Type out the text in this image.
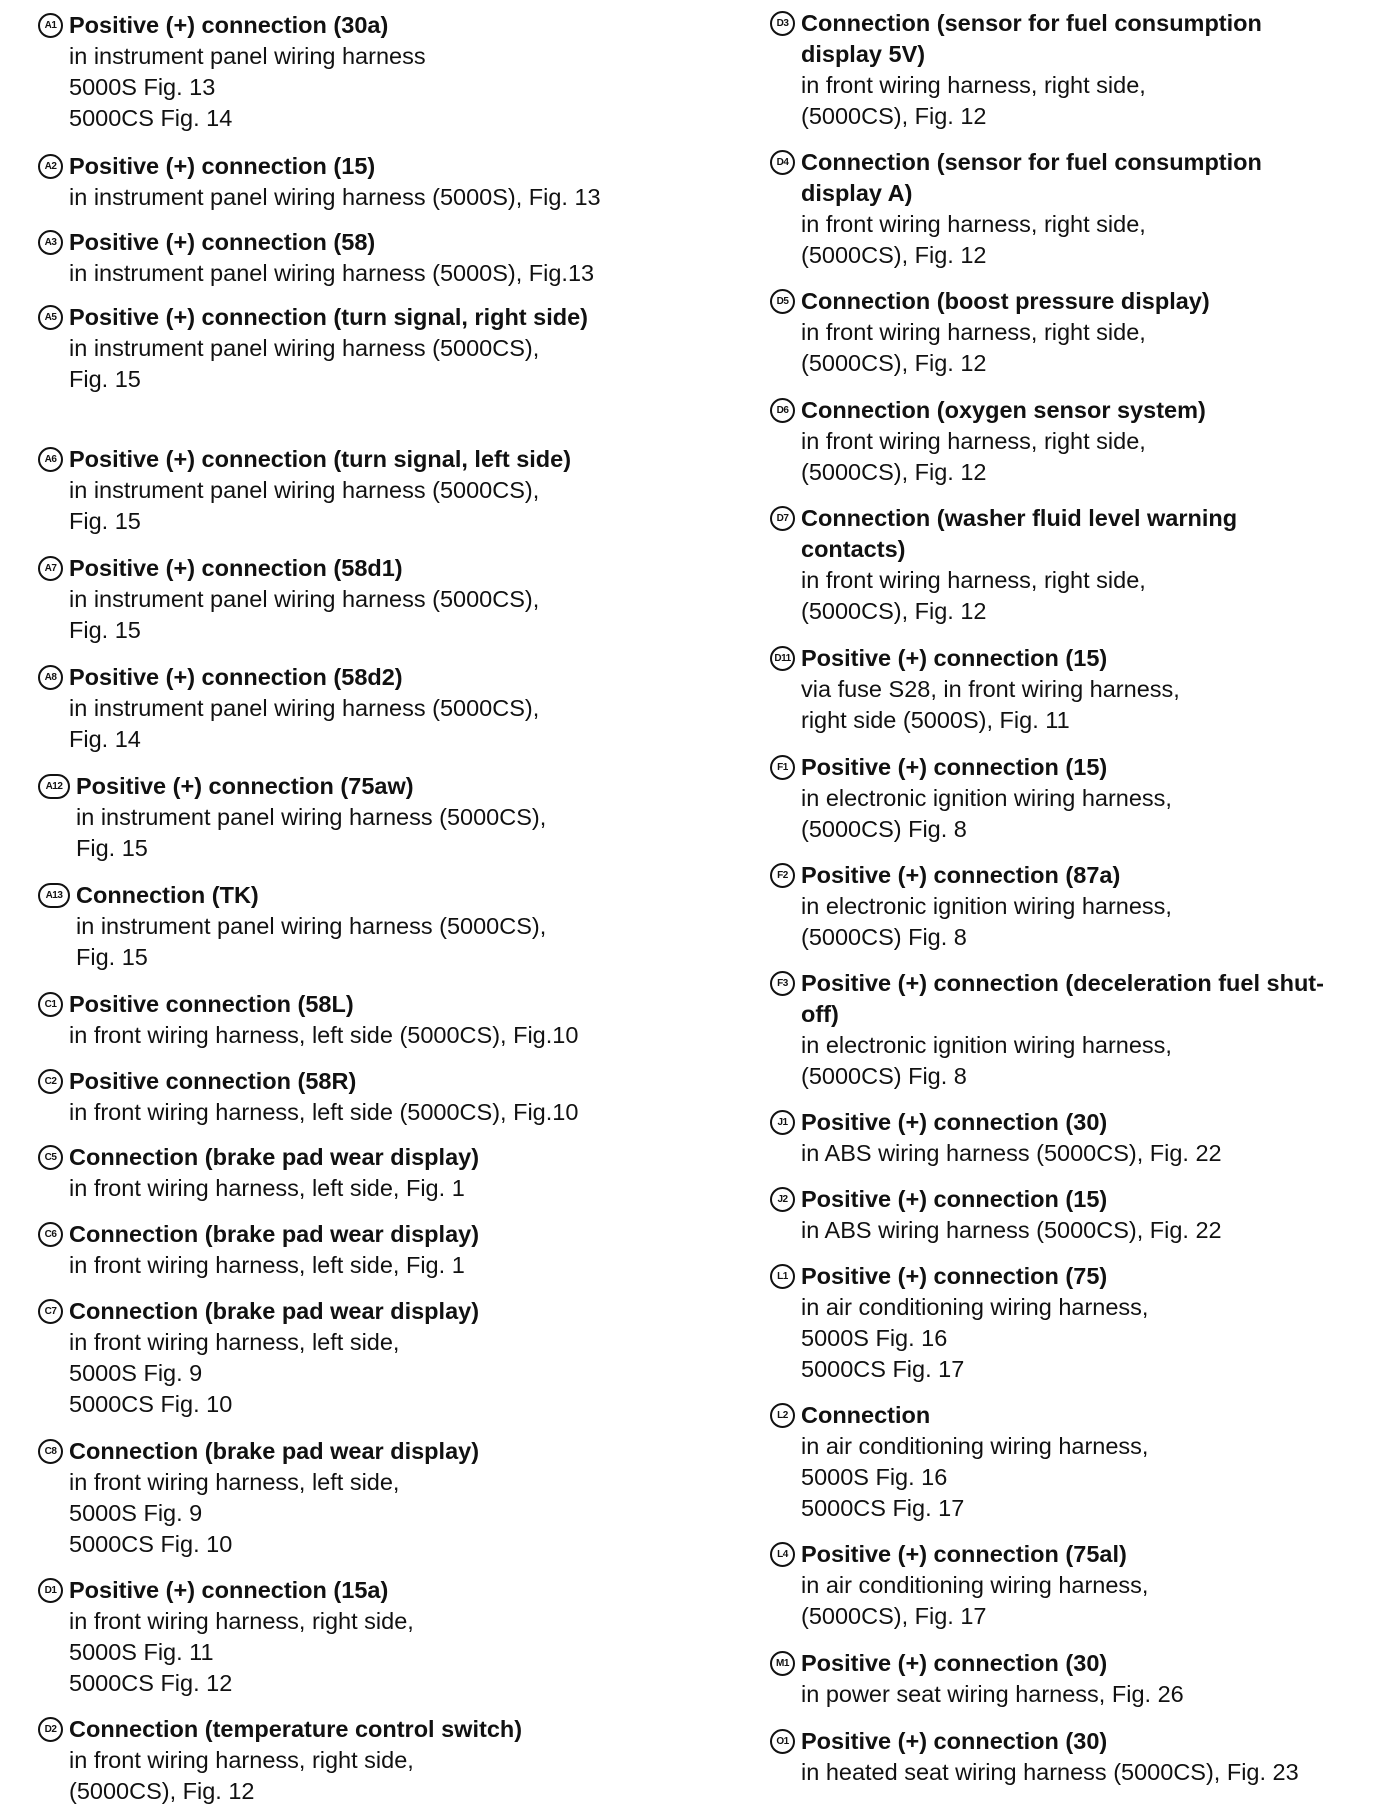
A1 Positive (+) connection (30a)
in instrument panel wiring harness
5000S Fig. 13
5000CS Fig. 14
A2 Positive (+) connection (15)
in instrument panel wiring harness (5000S), Fig. 13
A3 Positive (+) connection (58)
in instrument panel wiring harness (5000S), Fig.13
A5 Positive (+) connection (turn signal, right side)
in instrument panel wiring harness (5000CS),
Fig. 15
A6 Positive (+) connection (turn signal, left side)
in instrument panel wiring harness (5000CS),
Fig. 15
A7 Positive (+) connection (58d1)
in instrument panel wiring harness (5000CS),
Fig. 15
A8 Positive (+) connection (58d2)
in instrument panel wiring harness (5000CS),
Fig. 14
A12 Positive (+) connection (75aw)
in instrument panel wiring harness (5000CS),
Fig. 15
A13 Connection (TK)
in instrument panel wiring harness (5000CS),
Fig. 15
C1 Positive connection (58L)
in front wiring harness, left side (5000CS), Fig.10
C2 Positive connection (58R)
in front wiring harness, left side (5000CS), Fig.10
C5 Connection (brake pad wear display)
in front wiring harness, left side, Fig. 1
C6 Connection (brake pad wear display)
in front wiring harness, left side, Fig. 1
C7 Connection (brake pad wear display)
in front wiring harness, left side,
5000S Fig. 9
5000CS Fig. 10
C8 Connection (brake pad wear display)
in front wiring harness, left side,
5000S Fig. 9
5000CS Fig. 10
D1 Positive (+) connection (15a)
in front wiring harness, right side,
5000S Fig. 11
5000CS Fig. 12
D2 Connection (temperature control switch)
in front wiring harness, right side,
(5000CS), Fig. 12
D3 Connection (sensor for fuel consumption display 5V)
in front wiring harness, right side,
(5000CS), Fig. 12
D4 Connection (sensor for fuel consumption display A)
in front wiring harness, right side,
(5000CS), Fig. 12
D5 Connection (boost pressure display)
in front wiring harness, right side,
(5000CS), Fig. 12
D6 Connection (oxygen sensor system)
in front wiring harness, right side,
(5000CS), Fig. 12
D7 Connection (washer fluid level warning contacts)
in front wiring harness, right side,
(5000CS), Fig. 12
D11 Positive (+) connection (15)
via fuse S28, in front wiring harness,
right side (5000S), Fig. 11
F1 Positive (+) connection (15)
in electronic ignition wiring harness,
(5000CS) Fig. 8
F2 Positive (+) connection (87a)
in electronic ignition wiring harness,
(5000CS) Fig. 8
F3 Positive (+) connection (deceleration fuel shut-off)
in electronic ignition wiring harness,
(5000CS) Fig. 8
J1 Positive (+) connection (30)
in ABS wiring harness (5000CS), Fig. 22
J2 Positive (+) connection (15)
in ABS wiring harness (5000CS), Fig. 22
L1 Positive (+) connection (75)
in air conditioning wiring harness,
5000S Fig. 16
5000CS Fig. 17
L2 Connection
in air conditioning wiring harness,
5000S Fig. 16
5000CS Fig. 17
L4 Positive (+) connection (75al)
in air conditioning wiring harness,
(5000CS), Fig. 17
M1 Positive (+) connection (30)
in power seat wiring harness, Fig. 26
O1 Positive (+) connection (30)
in heated seat wiring harness (5000CS), Fig. 23
